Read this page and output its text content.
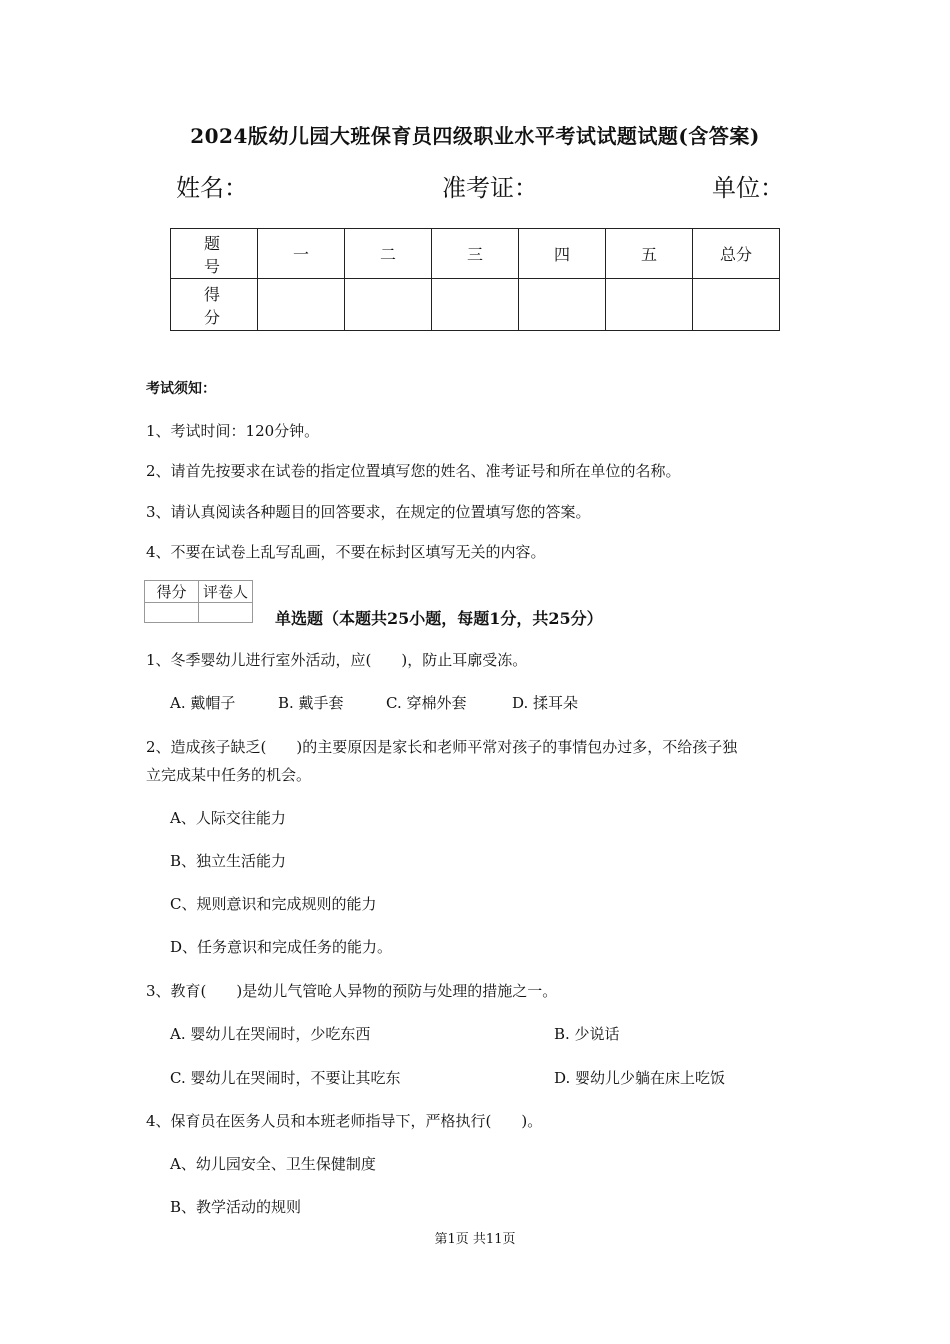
2024版幼儿园大班保育员四级职业水平考试试题试题(含答案)
姓名：	准考证：	单位：
题　号	一	二	三	四	五	总分
得　分						
考试须知：
1、考试时间：120分钟。
2、请首先按要求在试卷的指定位置填写您的姓名、准考证号和所在单位的名称。
3、请认真阅读各种题目的回答要求，在规定的位置填写您的答案。
4、不要在试卷上乱写乱画，不要在标封区填写无关的内容。
得分	评卷人

单选题（本题共25小题，每题1分，共25分）
1、冬季婴幼儿进行室外活动，应(　　)，防止耳廓受冻。
A. 戴帽子	B. 戴手套	C. 穿棉外套	D. 揉耳朵
2、造成孩子缺乏(　　)的主要原因是家长和老师平常对孩子的事情包办过多，不给孩子独
立完成某中任务的机会。
A、人际交往能力
B、独立生活能力
C、规则意识和完成规则的能力
D、任务意识和完成任务的能力。
3、教育(　　)是幼儿气管呛人异物的预防与处理的措施之一。
A. 婴幼儿在哭闹时，少吃东西	B. 少说话
C. 婴幼儿在哭闹时，不要让其吃东	D. 婴幼儿少躺在床上吃饭
4、保育员在医务人员和本班老师指导下，严格执行(　　)。
A、幼儿园安全、卫生保健制度
B、教学活动的规则
第1页 共11页
